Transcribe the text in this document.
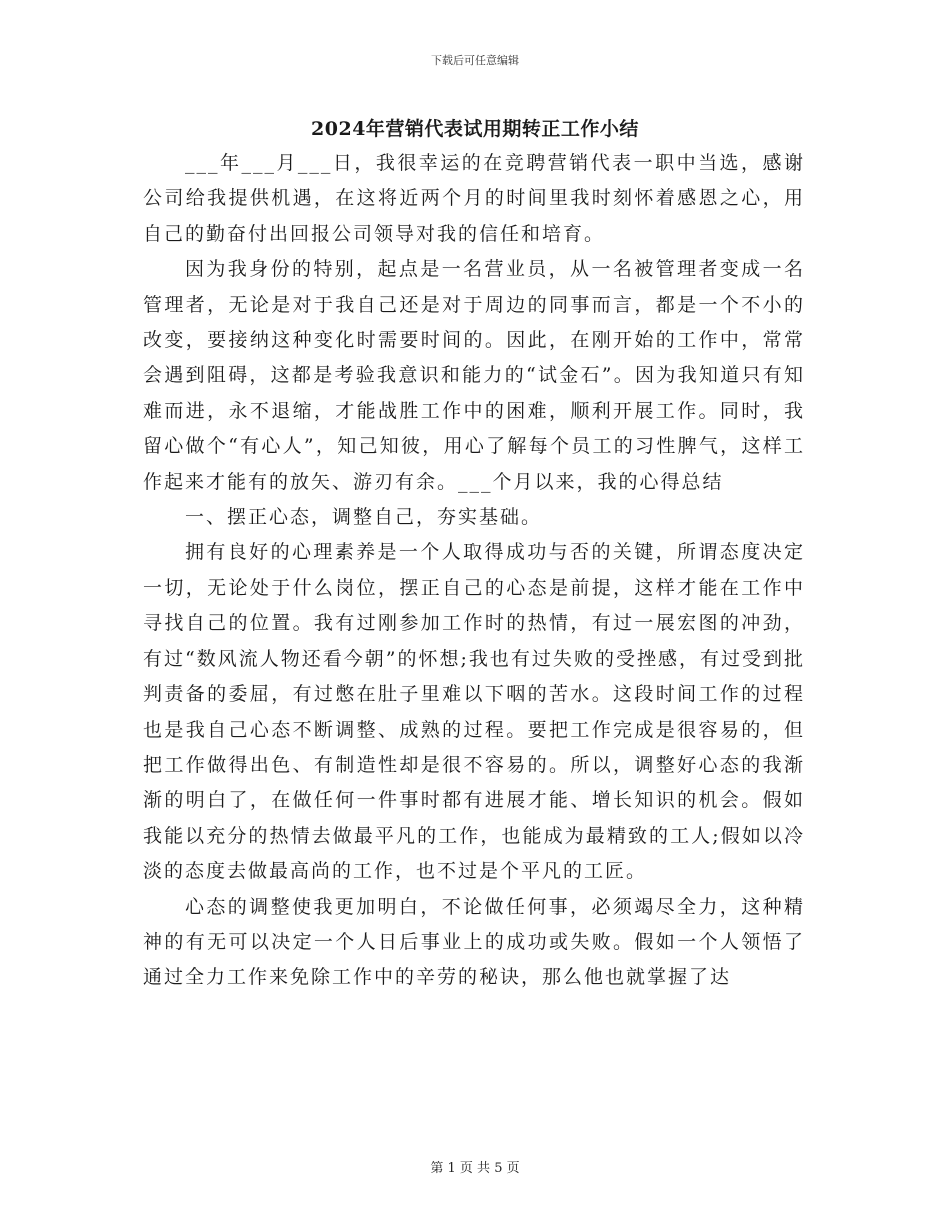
下载后可任意编辑
2024年营销代表试用期转正工作小结

___年___月___日，我很幸运的在竞聘营销代表一职中当选，感谢公司给我提供机遇，在这将近两个月的时间里我时刻怀着感恩之心，用自己的勤奋付出回报公司领导对我的信任和培育。

因为我身份的特别，起点是一名营业员，从一名被管理者变成一名管理者，无论是对于我自己还是对于周边的同事而言，都是一个不小的改变，要接纳这种变化时需要时间的。因此，在刚开始的工作中，常常会遇到阻碍，这都是考验我意识和能力的“试金石”。因为我知道只有知难而进，永不退缩，才能战胜工作中的困难，顺利开展工作。同时，我留心做个“有心人”，知己知彼，用心了解每个员工的习性脾气，这样工作起来才能有的放矢、游刃有余。___个月以来，我的心得总结

一、摆正心态，调整自己，夯实基础。

拥有良好的心理素养是一个人取得成功与否的关键，所谓态度决定一切，无论处于什么岗位，摆正自己的心态是前提，这样才能在工作中寻找自己的位置。我有过刚参加工作时的热情，有过一展宏图的冲劲，有过“数风流人物还看今朝”的怀想;我也有过失败的受挫感，有过受到批判责备的委屈，有过憋在肚子里难以下咽的苦水。这段时间工作的过程也是我自己心态不断调整、成熟的过程。要把工作完成是很容易的，但把工作做得出色、有制造性却是很不容易的。所以，调整好心态的我渐渐的明白了，在做任何一件事时都有进展才能、增长知识的机会。假如我能以充分的热情去做最平凡的工作，也能成为最精致的工人;假如以冷淡的态度去做最高尚的工作，也不过是个平凡的工匠。

心态的调整使我更加明白，不论做任何事，必须竭尽全力，这种精神的有无可以决定一个人日后事业上的成功或失败。假如一个人领悟了通过全力工作来免除工作中的辛劳的秘诀，那么他也就掌握了达

第 1 页 共 5 页
